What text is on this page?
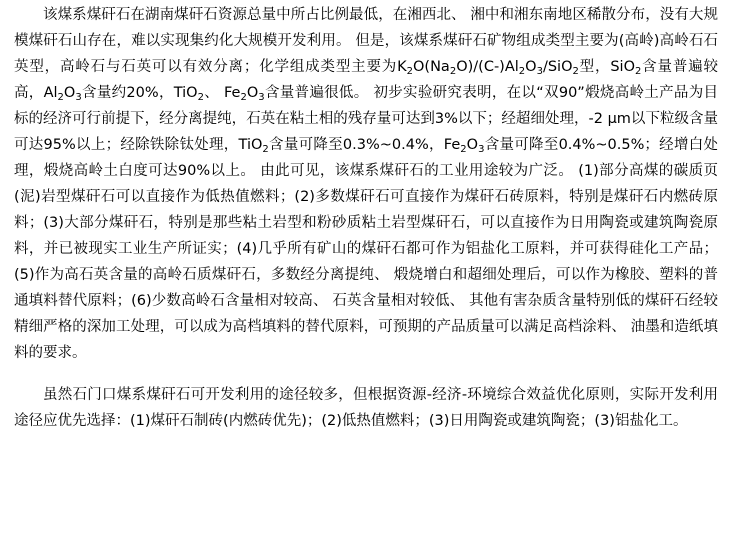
该煤系煤矸石在湖南煤矸石资源总量中所占比例最低，在湘西北、 湘中和湘东南地区稀散分布，没有大规模煤矸石山存在，难以实现集约化大规模开发利用。 但是，该煤系煤矸石矿物组成类型主要为(高岭)高岭石石英型，高岭石与石英可以有效分离；化学组成类型主要为$K_2O(Na_2O)/(C-)Al_2O_3/SiO_2$型，SiO$_2$含量普遍较高，$Al_2O_3$含量约20%，TiO$_2$、 $Fe_2O_3$含量普遍很低。 初步实验研究表明，在以“双90”煅烧高岭土产品为目标的经济可行前提下，经分离提纯，石英在粘土相的残存量可达到3%以下；经超细处理，-2 μm以下粒级含量可达95%以上；经除铁除钛处理，TiO$_2$含量可降至0.3%~0.4%，$Fe_2O_3$含量可降至0.4%~0.5%；经增白处理，煅烧高岭土白度可达90%以上。 由此可见，该煤系煤矸石的工业用途较为广泛。 (1)部分高煤的碳质页(泥)岩型煤矸石可以直接作为低热值燃料；(2)多数煤矸石可直接作为煤矸石砖原料，特别是煤矸石内燃砖原料；(3)大部分煤矸石，特别是那些粘土岩型和粉砂质粘土岩型煤矸石，可以直接作为日用陶瓷或建筑陶瓷原料，并已被现实工业生产所证实；(4)几乎所有矿山的煤矸石都可作为铝盐化工原料，并可获得硅化工产品；(5)作为高石英含量的高岭石质煤矸石，多数经分离提纯、 煅烧增白和超细处理后，可以作为橡胶、塑料的普通填料替代原料；(6)少数高岭石含量相对较高、 石英含量相对较低、 其他有害杂质含量特别低的煤矸石经较精细严格的深加工处理，可以成为高档填料的替代原料，可预期的产品质量可以满足高档涂料、 油墨和造纸填料的要求。

虽然石门口煤系煤矸石可开发利用的途径较多，但根据资源-经济-环境综合效益优化原则，实际开发利用途径应优先选择：(1)煤矸石制砖(内燃砖优先)；(2)低热值燃料；(3)日用陶瓷或建筑陶瓷；(3)铝盐化工。
